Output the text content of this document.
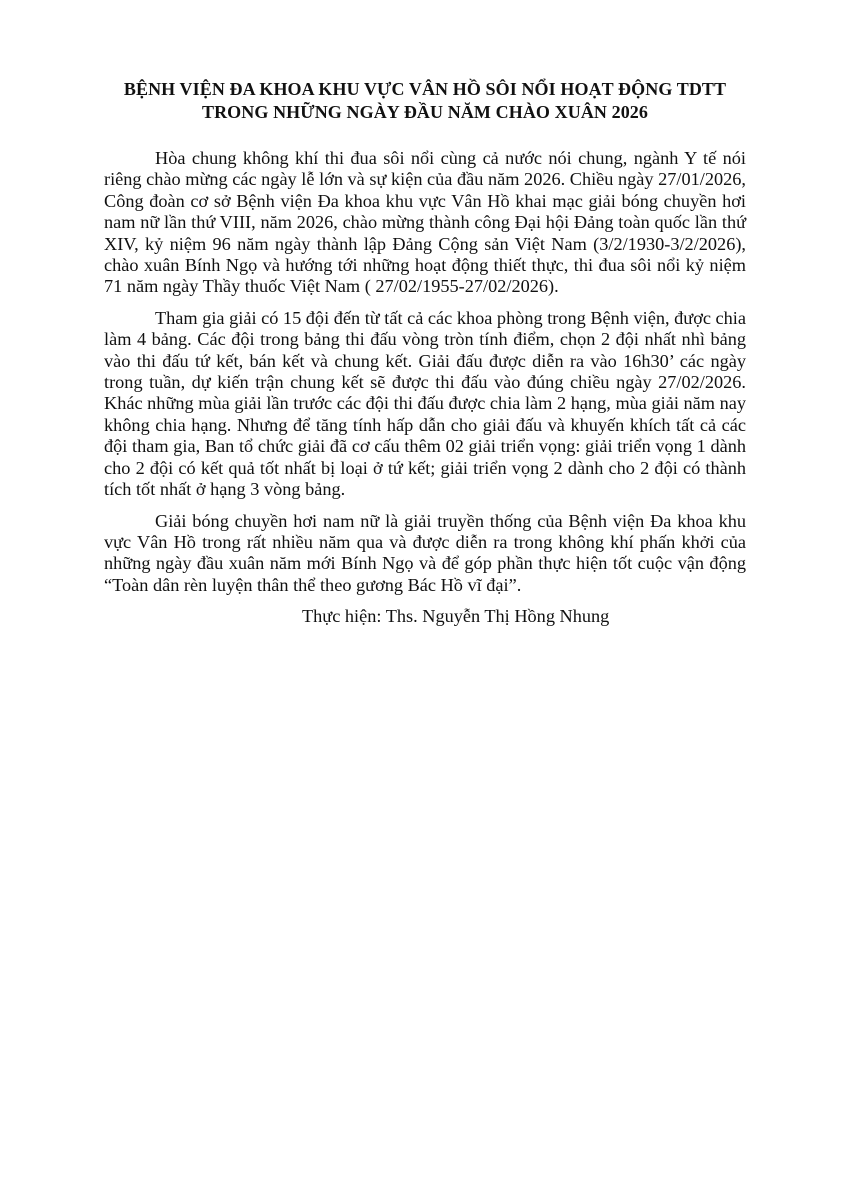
BỆNH VIỆN ĐA KHOA KHU VỰC VÂN HỒ SÔI NỔI HOẠT ĐỘNG TDTT
TRONG NHỮNG NGÀY ĐẦU NĂM CHÀO XUÂN 2026

Hòa chung không khí thi đua sôi nổi cùng cả nước nói chung, ngành Y tế nói riêng chào mừng các ngày lễ lớn và sự kiện của đầu năm 2026. Chiều ngày 27/01/2026, Công đoàn cơ sở Bệnh viện Đa khoa khu vực Vân Hồ khai mạc giải bóng chuyền hơi nam nữ lần thứ VIII, năm 2026, chào mừng thành công Đại hội Đảng toàn quốc lần thứ XIV, kỷ niệm 96 năm ngày thành lập Đảng Cộng sản Việt Nam (3/2/1930-3/2/2026), chào xuân Bính Ngọ và hướng tới những hoạt động thiết thực, thi đua sôi nổi kỷ niệm 71 năm ngày Thầy thuốc Việt Nam ( 27/02/1955-27/02/2026).

Tham gia giải có 15 đội đến từ tất cả các khoa phòng trong Bệnh viện, được chia làm 4 bảng. Các đội trong bảng thi đấu vòng tròn tính điểm, chọn 2 đội nhất nhì bảng vào thi đấu tứ kết, bán kết và chung kết. Giải đấu được diễn ra vào 16h30’ các ngày trong tuần, dự kiến trận chung kết sẽ được thi đấu vào đúng chiều ngày 27/02/2026. Khác những mùa giải lần trước các đội thi đấu được chia làm 2 hạng, mùa giải năm nay không chia hạng. Nhưng để tăng tính hấp dẫn cho giải đấu và khuyến khích tất cả các đội tham gia, Ban tổ chức giải đã cơ cấu thêm 02 giải triển vọng: giải triển vọng 1 dành cho 2 đội có kết quả tốt nhất bị loại ở tứ kết; giải triển vọng 2 dành cho 2 đội có thành tích tốt nhất ở hạng 3 vòng bảng.

Giải bóng chuyền hơi nam nữ là giải truyền thống của Bệnh viện Đa khoa khu vực Vân Hồ trong rất nhiều năm qua và được diễn ra trong không khí phấn khởi của những ngày đầu xuân năm mới Bính Ngọ và để góp phần thực hiện tốt cuộc vận động “Toàn dân rèn luyện thân thể theo gương Bác Hồ vĩ đại”.

Thực hiện: Ths. Nguyễn Thị Hồng Nhung
